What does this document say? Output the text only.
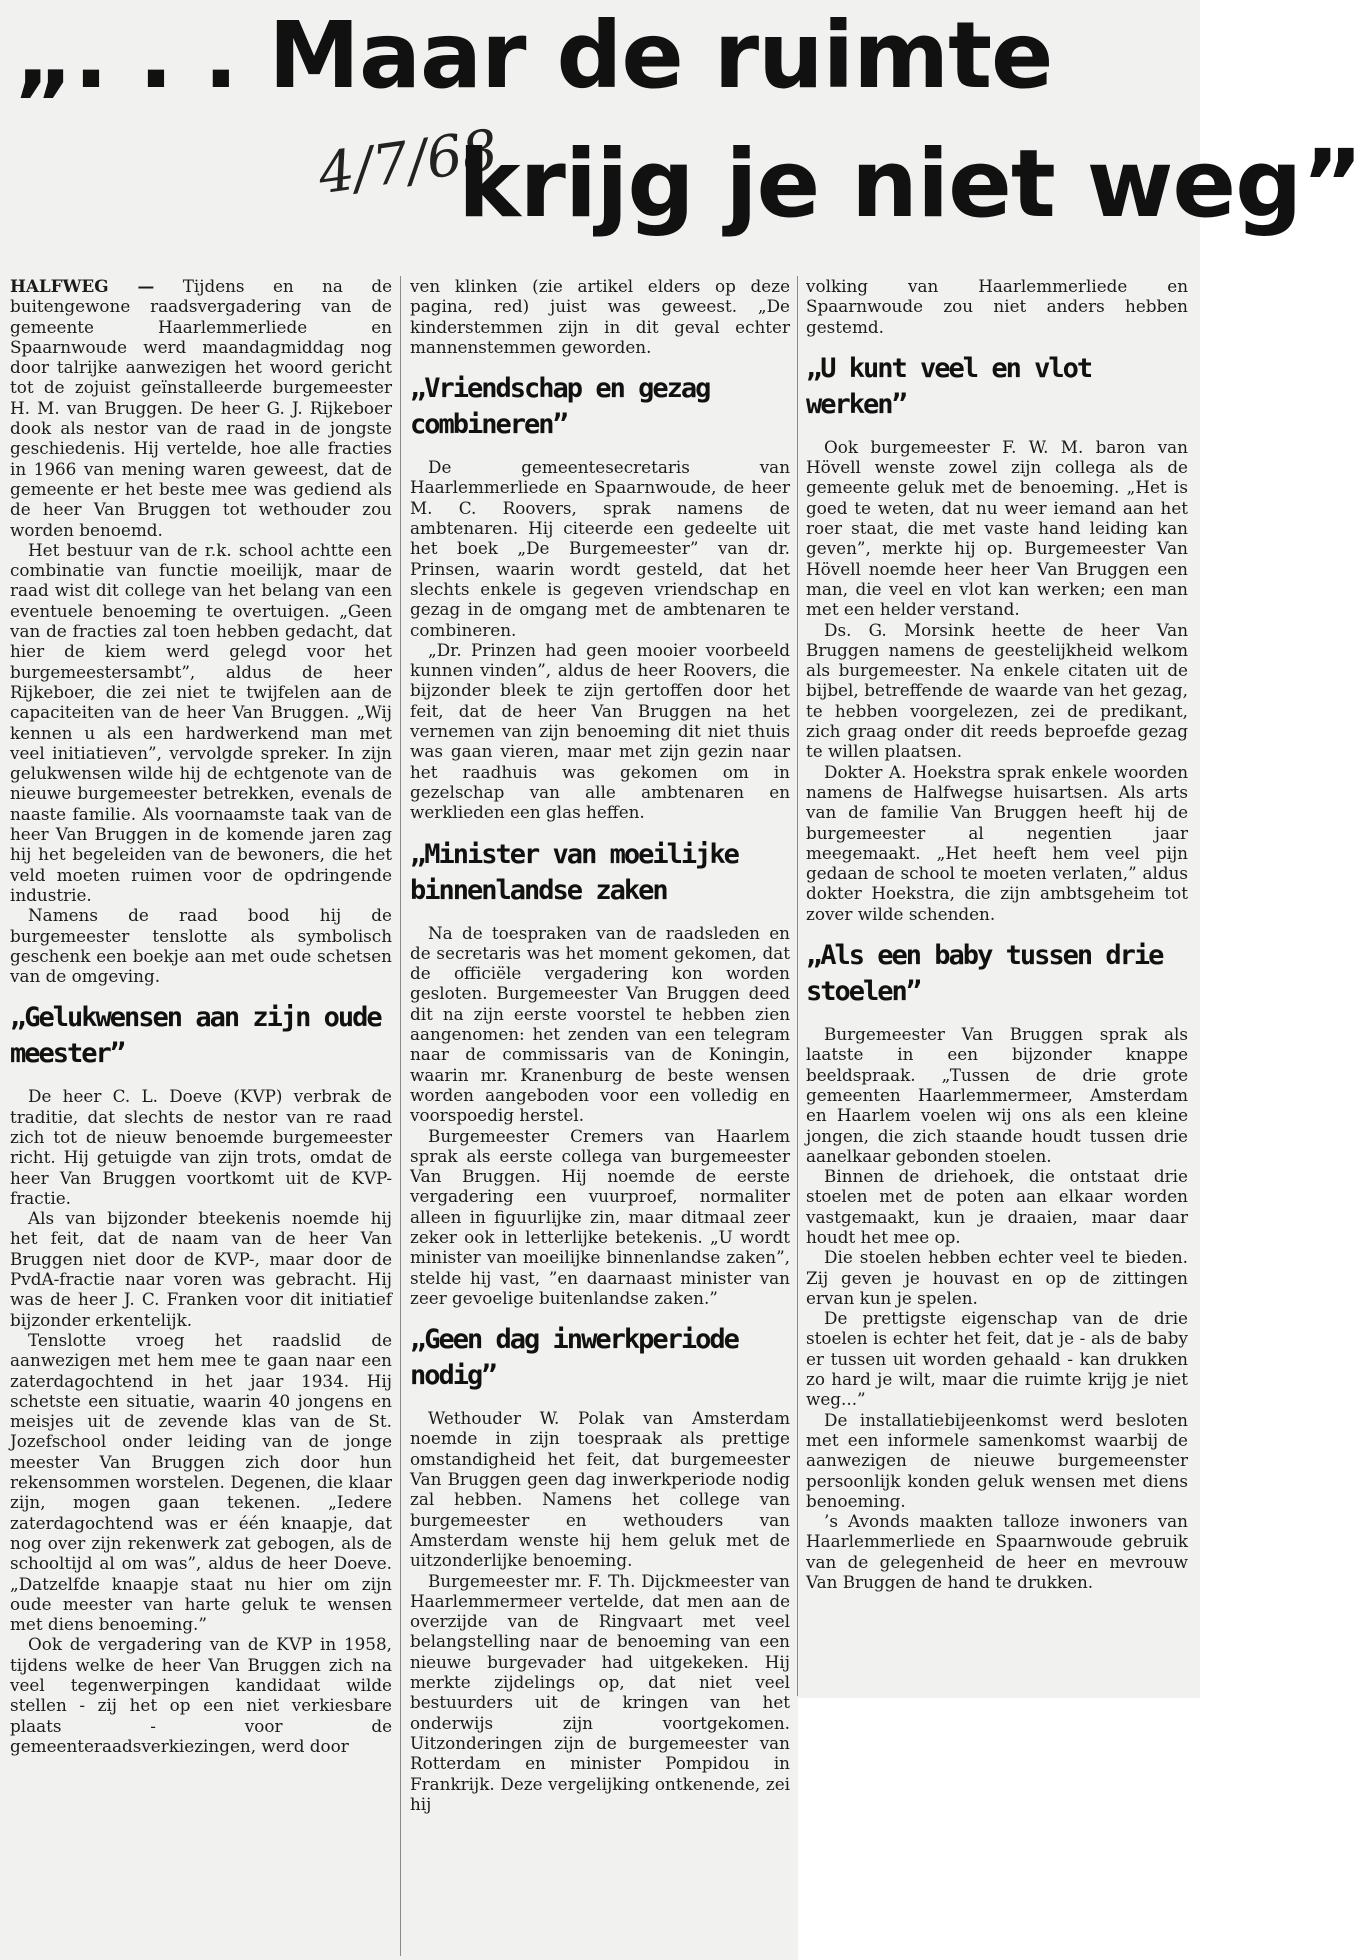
„. . . Maar de ruimte
4/7/68
krijg je niet weg”

HALFWEG — Tijdens en na de buitengewone raadsvergadering van de gemeente Haarlemmerliede en Spaarnwoude werd maandagmiddag nog door talrijke aanwezigen het woord gericht tot de zojuist geïnstalleerde burgemeester H. M. van Bruggen. De heer G. J. Rijkeboer dook als nestor van de raad in de jongste geschiedenis. Hij vertelde, hoe alle fracties in 1966 van mening waren geweest, dat de gemeente er het beste mee was gediend als de heer Van Bruggen tot wethouder zou worden benoemd.

Het bestuur van de r.k. school achtte een combinatie van functie moeilijk, maar de raad wist dit college van het belang van een eventuele benoeming te overtuigen. „Geen van de fracties zal toen hebben gedacht, dat hier de kiem werd gelegd voor het burgemeestersambt”, aldus de heer Rijkeboer, die zei niet te twijfelen aan de capaciteiten van de heer Van Bruggen. „Wij kennen u als een hardwerkend man met veel initiatieven”, vervolgde spreker. In zijn gelukwensen wilde hij de echtgenote van de nieuwe burgemeester betrekken, evenals de naaste familie. Als voornaamste taak van de heer Van Bruggen in de komende jaren zag hij het begeleiden van de bewoners, die het veld moeten ruimen voor de opdringende industrie.

Namens de raad bood hij de burgemeester tenslotte als symbolisch geschenk een boekje aan met oude schetsen van de omgeving.

„Gelukwensen aan zijn oude meester”

De heer C. L. Doeve (KVP) verbrak de traditie, dat slechts de nestor van re raad zich tot de nieuw benoemde burgemeester richt. Hij getuigde van zijn trots, omdat de heer Van Bruggen voortkomt uit de KVP-fractie.

Als van bijzonder bteekenis noemde hij het feit, dat de naam van de heer Van Bruggen niet door de KVP-, maar door de PvdA-fractie naar voren was gebracht. Hij was de heer J. C. Franken voor dit initiatief bijzonder erkentelijk.

Tenslotte vroeg het raadslid de aanwezigen met hem mee te gaan naar een zaterdagochtend in het jaar 1934. Hij schetste een situatie, waarin 40 jongens en meisjes uit de zevende klas van de St. Jozefschool onder leiding van de jonge meester Van Bruggen zich door hun rekensommen worstelen. Degenen, die klaar zijn, mogen gaan tekenen. „Iedere zaterdagochtend was er één knaapje, dat nog over zijn rekenwerk zat gebogen, als de schooltijd al om was”, aldus de heer Doeve. „Datzelfde knaapje staat nu hier om zijn oude meester van harte geluk te wensen met diens benoeming.”

Ook de vergadering van de KVP in 1958, tijdens welke de heer Van Bruggen zich na veel tegenwerpingen kandidaat wilde stellen - zij het op een niet verkiesbare plaats - voor de gemeenteraadsverkiezingen, werd door

ven klinken (zie artikel elders op deze pagina, red) juist was geweest. „De kinderstemmen zijn in dit geval echter mannenstemmen geworden.

„Vriendschap en gezag combineren”

De gemeentesecretaris van Haarlemmerliede en Spaarnwoude, de heer M. C. Roovers, sprak namens de ambtenaren. Hij citeerde een gedeelte uit het boek „De Burgemeester” van dr. Prinsen, waarin wordt gesteld, dat het slechts enkele is gegeven vriendschap en gezag in de omgang met de ambtenaren te combineren.

„Dr. Prinzen had geen mooier voorbeeld kunnen vinden”, aldus de heer Roovers, die bijzonder bleek te zijn gertoffen door het feit, dat de heer Van Bruggen na het vernemen van zijn benoeming dit niet thuis was gaan vieren, maar met zijn gezin naar het raadhuis was gekomen om in gezelschap van alle ambtenaren en werklieden een glas heffen.

„Minister van moeilijke binnenlandse zaken

Na de toespraken van de raadsleden en de secretaris was het moment gekomen, dat de officiële vergadering kon worden gesloten. Burgemeester Van Bruggen deed dit na zijn eerste voorstel te hebben zien aangenomen: het zenden van een telegram naar de commissaris van de Koningin, waarin mr. Kranenburg de beste wensen worden aangeboden voor een volledig en voorspoedig herstel.

Burgemeester Cremers van Haarlem sprak als eerste collega van burgemeester Van Bruggen. Hij noemde de eerste vergadering een vuurproef, normaliter alleen in figuurlijke zin, maar ditmaal zeer zeker ook in letterlijke betekenis. „U wordt minister van moeilijke binnenlandse zaken”, stelde hij vast, ”en daarnaast minister van zeer gevoelige buitenlandse zaken.”

„Geen dag inwerkperiode nodig”

Wethouder W. Polak van Amsterdam noemde in zijn toespraak als prettige omstandigheid het feit, dat burgemeester Van Bruggen geen dag inwerkperiode nodig zal hebben. Namens het college van burgemeester en wethouders van Amsterdam wenste hij hem geluk met de uitzonderlijke benoeming.

Burgemeester mr. F. Th. Dijckmeester van Haarlemmermeer vertelde, dat men aan de overzijde van de Ringvaart met veel belangstelling naar de benoeming van een nieuwe burgevader had uitgekeken. Hij merkte zijdelings op, dat niet veel bestuurders uit de kringen van het onderwijs zijn voortgekomen. Uitzonderingen zijn de burgemeester van Rotterdam en minister Pompidou in Frankrijk. Deze vergelijking ontkenende, zei hij

volking van Haarlemmerliede en Spaarnwoude zou niet anders hebben gestemd.

„U kunt veel en vlot werken”

Ook burgemeester F. W. M. baron van Hövell wenste zowel zijn collega als de gemeente geluk met de benoeming. „Het is goed te weten, dat nu weer iemand aan het roer staat, die met vaste hand leiding kan geven”, merkte hij op. Burgemeester Van Hövell noemde heer heer Van Bruggen een man, die veel en vlot kan werken; een man met een helder verstand.

Ds. G. Morsink heette de heer Van Bruggen namens de geestelijkheid welkom als burgemeester. Na enkele citaten uit de bijbel, betreffende de waarde van het gezag, te hebben voorgelezen, zei de predikant, zich graag onder dit reeds beproefde gezag te willen plaatsen.

Dokter A. Hoekstra sprak enkele woorden namens de Halfwegse huisartsen. Als arts van de familie Van Bruggen heeft hij de burgemeester al negentien jaar meegemaakt. „Het heeft hem veel pijn gedaan de school te moeten verlaten,” aldus dokter Hoekstra, die zijn ambtsgeheim tot zover wilde schenden.

„Als een baby tussen drie stoelen”

Burgemeester Van Bruggen sprak als laatste in een bijzonder knappe beeldspraak. „Tussen de drie grote gemeenten Haarlemmermeer, Amsterdam en Haarlem voelen wij ons als een kleine jongen, die zich staande houdt tussen drie aanelkaar gebonden stoelen.

Binnen de driehoek, die ontstaat drie stoelen met de poten aan elkaar worden vastgemaakt, kun je draaien, maar daar houdt het mee op.

Die stoelen hebben echter veel te bieden. Zij geven je houvast en op de zittingen ervan kun je spelen.

De prettigste eigenschap van de drie stoelen is echter het feit, dat je - als de baby er tussen uit worden gehaald - kan drukken zo hard je wilt, maar die ruimte krijg je niet weg...”

De installatiebijeenkomst werd besloten met een informele samenkomst waarbij de aanwezigen de nieuwe burgemeenster persoonlijk konden geluk wensen met diens benoeming.

’s Avonds maakten talloze inwoners van Haarlemmerliede en Spaarnwoude gebruik van de gelegenheid de heer en mevrouw Van Bruggen de hand te drukken.
